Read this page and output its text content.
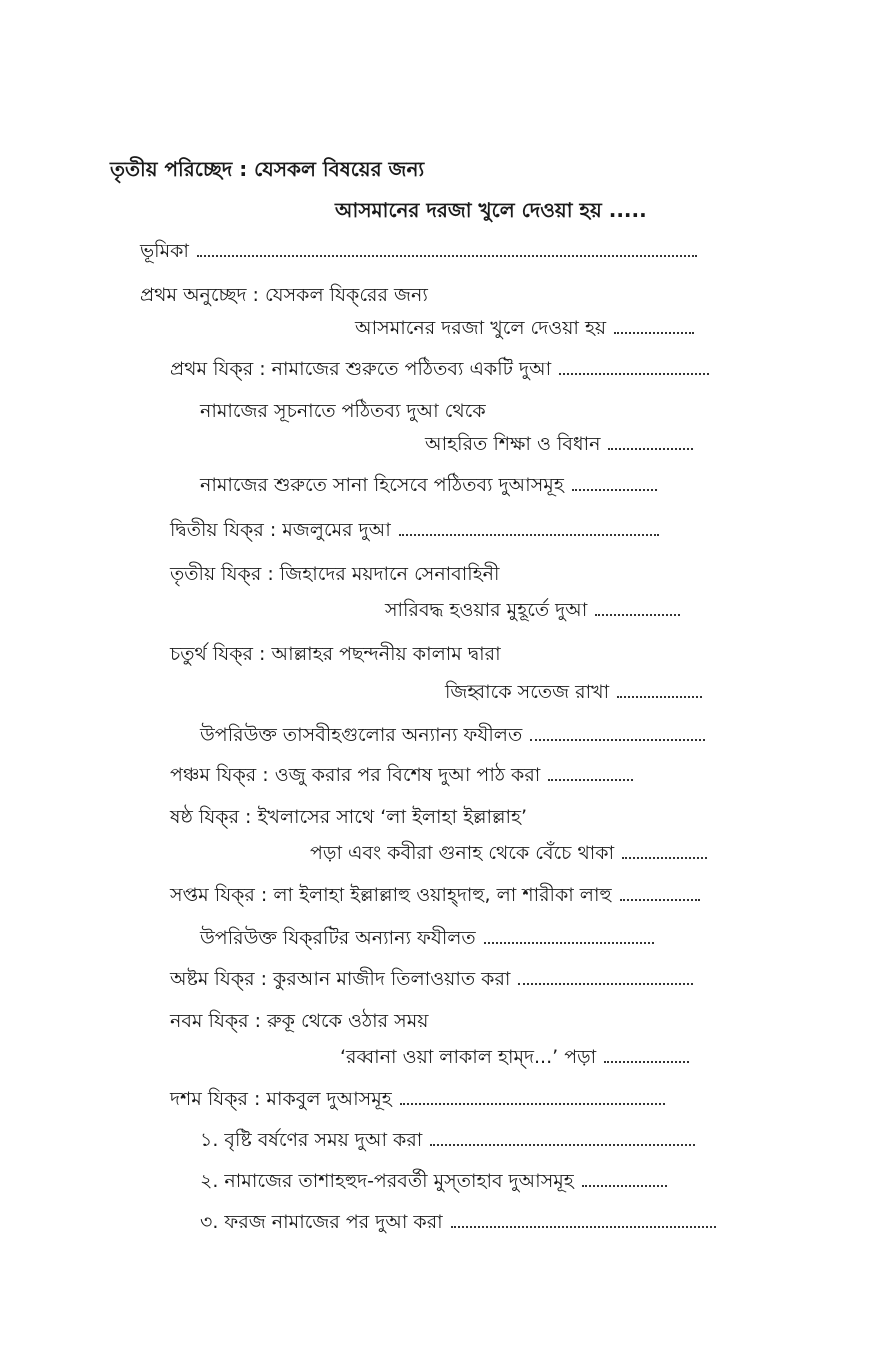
তৃতীয় পরিচ্ছেদ : যেসকল বিষয়ের জন্য
আসমানের দরজা খুলে দেওয়া হয় .....
ভূমিকা
প্রথম অনুচ্ছেদ : যেসকল যিক্‌রের জন্য
আসমানের দরজা খুলে দেওয়া হয়
প্রথম যিক্‌র : নামাজের শুরুতে পঠিতব্য একটি দুআ
নামাজের সূচনাতে পঠিতব্য দুআ থেকে
আহরিত শিক্ষা ও বিধান
নামাজের শুরুতে সানা হিসেবে পঠিতব্য দুআসমূহ
দ্বিতীয় যিক্‌র : মজলুমের দুআ
তৃতীয় যিক্‌র : জিহাদের ময়দানে সেনাবাহিনী
সারিবদ্ধ হওয়ার মুহূর্তে দুআ
চতুর্থ যিক্‌র : আল্লাহর পছন্দনীয় কালাম দ্বারা
জিহ্বাকে সতেজ রাখা
উপরিউক্ত তাসবীহগুলোর অন্যান্য ফযীলত
পঞ্চম যিক্‌র : ওজু করার পর বিশেষ দুআ পাঠ করা
ষষ্ঠ যিক্‌র : ইখলাসের সাথে ‘লা ইলাহা ইল্লাল্লাহ’
পড়া এবং কবীরা গুনাহ থেকে বেঁচে থাকা
সপ্তম যিক্‌র : লা ইলাহা ইল্লাল্লাহু ওয়াহ্‌দাহু, লা শারীকা লাহু
উপরিউক্ত যিক্‌রটির অন্যান্য ফযীলত
অষ্টম যিক্‌র : কুরআন মাজীদ তিলাওয়াত করা
নবম যিক্‌র : রুকূ থেকে ওঠার সময়
‘রব্বানা ওয়া লাকাল হাম্‌দ...’ পড়া
দশম যিক্‌র : মাকবুল দুআসমূহ
১. বৃষ্টি বর্ষণের সময় দুআ করা
২. নামাজের তাশাহহুদ-পরবর্তী মুস্‌তাহাব দুআসমূহ
৩. ফরজ নামাজের পর দুআ করা
